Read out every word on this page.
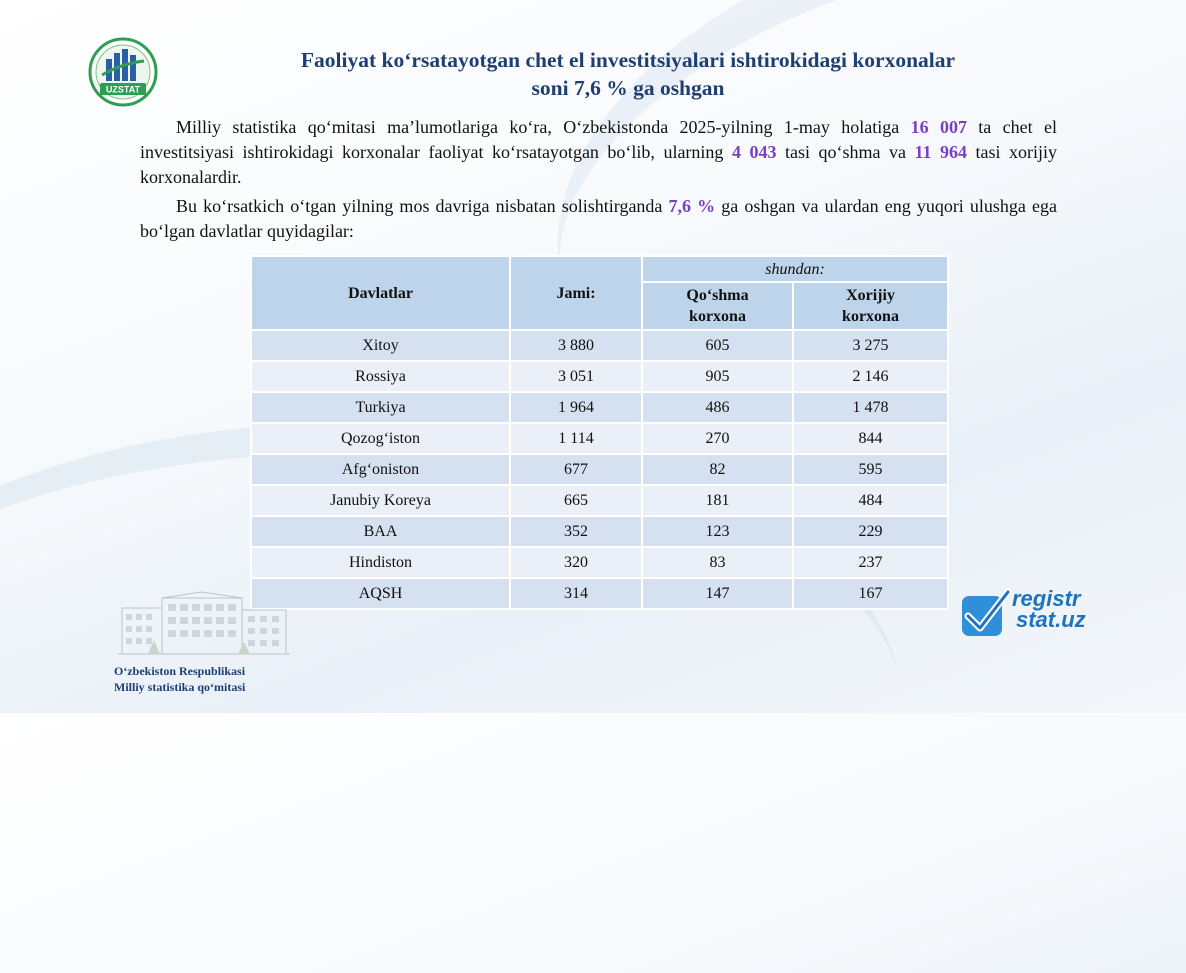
UZSTAT
Faoliyat koʻrsatayotgan chet el investitsiyalari ishtirokidagi korxonalar
soni 7,6 % ga oshgan
Milliy statistika qoʻmitasi maʼlumotlariga koʻra, Oʻzbekistonda 2025-yilning 1-may holatiga 16 007 ta chet el investitsiyasi ishtirokidagi korxonalar faoliyat koʻrsatayotgan boʻlib, ularning 4 043 tasi qoʻshma va 11 964 tasi xorijiy korxonalardir.
Bu koʻrsatkich oʻtgan yilning mos davriga nisbatan solishtirganda 7,6 % ga oshgan va ulardan eng yuqori ulushga ega boʻlgan davlatlar quyidagilar:
Davlatlar	Jami:	shundan:	

		Qoʻshma korxona	Xorijiy korxona

Xitoy	3 880	605	3 275
Rossiya	3 051	905	2 146
Turkiya	1 964	486	1 478
Qozogʻiston	1 114	270	844
Afgʻoniston	677	82	595
Janubiy Koreya	665	181	484
BAA	352	123	229
Hindiston	320	83	237
AQSH	314	147	167
Oʻzbekiston Respublikasi
Milliy statistika qoʻmitasi
registr
stat.uz
